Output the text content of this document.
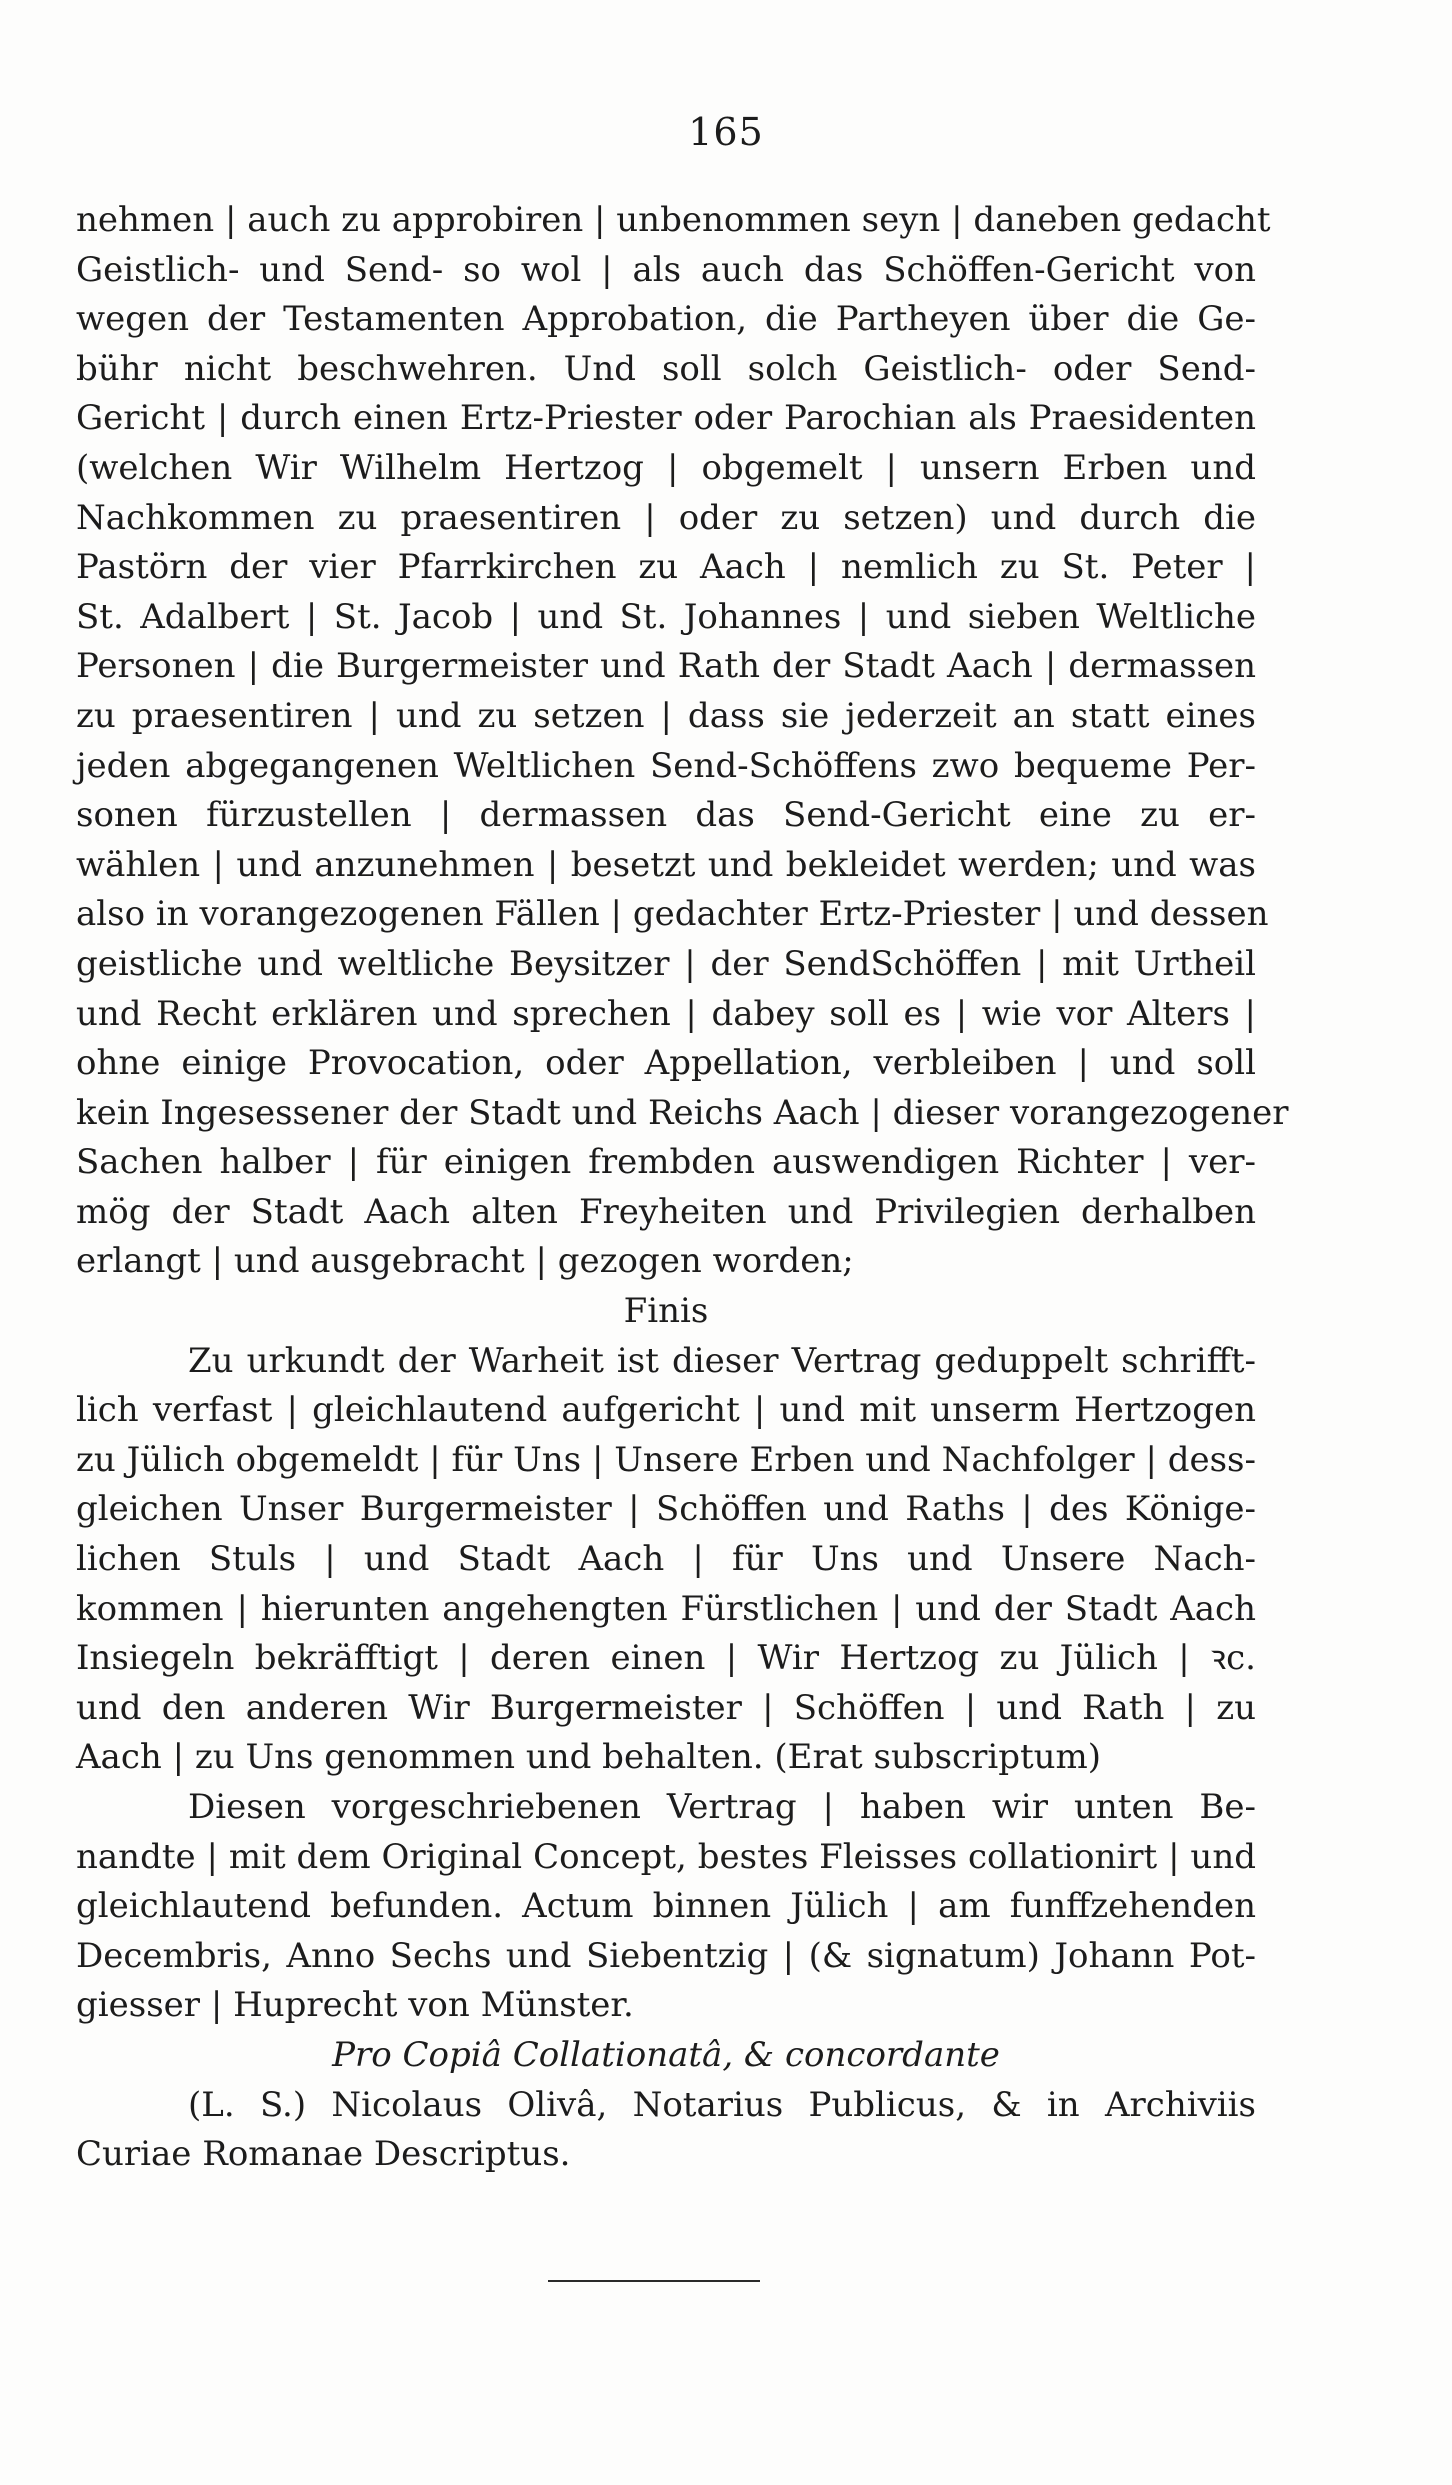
165
nehmen | auch zu approbiren | unbenommen seyn | daneben gedacht
Geistlich- und Send- so wol | als auch das Schöffen-Gericht von
wegen der Testamenten Approbation, die Partheyen über die Ge-
bühr nicht beschwehren. Und soll solch Geistlich- oder Send-
Gericht | durch einen Ertz-Priester oder Parochian als Praesidenten
(welchen Wir Wilhelm Hertzog | obgemelt | unsern Erben und
Nachkommen zu praesentiren | oder zu setzen) und durch die
Pastörn der vier Pfarrkirchen zu Aach | nemlich zu St. Peter |
St. Adalbert | St. Jacob | und St. Johannes | und sieben Weltliche
Personen | die Burgermeister und Rath der Stadt Aach | dermassen
zu praesentiren | und zu setzen | dass sie jederzeit an statt eines
jeden abgegangenen Weltlichen Send-Schöffens zwo bequeme Per-
sonen fürzustellen | dermassen das Send-Gericht eine zu er-
wählen | und anzunehmen | besetzt und bekleidet werden; und was
also in vorangezogenen Fällen | gedachter Ertz-Priester | und dessen
geistliche und weltliche Beysitzer | der SendSchöffen | mit Urtheil
und Recht erklären und sprechen | dabey soll es | wie vor Alters |
ohne einige Provocation, oder Appellation, verbleiben | und soll
kein Ingesessener der Stadt und Reichs Aach | dieser vorangezogener
Sachen halber | für einigen frembden auswendigen Richter | ver-
mög der Stadt Aach alten Freyheiten und Privilegien derhalben
erlangt | und ausgebracht | gezogen worden;
Finis
Zu urkundt der Warheit ist dieser Vertrag geduppelt schrifft-
lich verfast | gleichlautend aufgericht | und mit unserm Hertzogen
zu Jülich obgemeldt | für Uns | Unsere Erben und Nachfolger | dess-
gleichen Unser Burgermeister | Schöffen und Raths | des Könige-
lichen Stuls | und Stadt Aach | für Uns und Unsere Nach-
kommen | hierunten angehengten Fürstlichen | und der Stadt Aach
Insiegeln bekräfftigt | deren einen | Wir Hertzog zu Jülich | ꝛc.
und den anderen Wir Burgermeister | Schöffen | und Rath | zu
Aach | zu Uns genommen und behalten. (Erat subscriptum)
Diesen vorgeschriebenen Vertrag | haben wir unten Be-
nandte | mit dem Original Concept, bestes Fleisses collationirt | und
gleichlautend befunden. Actum binnen Jülich | am funffzehenden
Decembris, Anno Sechs und Siebentzig | (& signatum) Johann Pot-
giesser | Huprecht von Münster.
Pro Copiâ Collationatâ, & concordante
(L. S.) Nicolaus Olivâ, Notarius Publicus, & in Archiviis
Curiae Romanae Descriptus.
